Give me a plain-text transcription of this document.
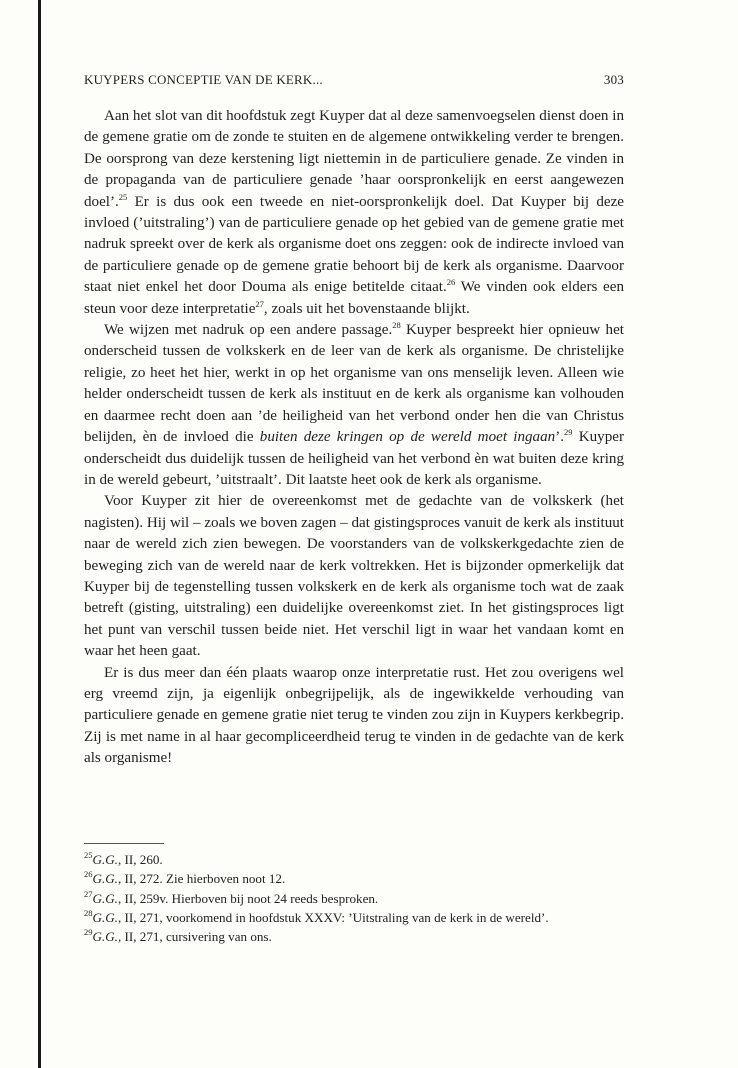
KUYPERS CONCEPTIE VAN DE KERK...	303

Aan het slot van dit hoofdstuk zegt Kuyper dat al deze samenvoegselen dienst doen in de gemene gratie om de zonde te stuiten en de algemene ontwikkeling verder te brengen. De oorsprong van deze kerstening ligt niettemin in de particuliere genade. Ze vinden in de propaganda van de particuliere genade ’haar oorspronkelijk en eerst aangewezen doel’.$^{25}$ Er is dus ook een tweede en niet-oorspronkelijk doel. Dat Kuyper bij deze invloed (’uitstraling’) van de particuliere genade op het gebied van de gemene gratie met nadruk spreekt over de kerk als organisme doet ons zeggen: ook de indirecte invloed van de particuliere genade op de gemene gratie behoort bij de kerk als organisme. Daarvoor staat niet enkel het door Douma als enige betitelde citaat.$^{26}$ We vinden ook elders een steun voor deze interpretatie$^{27}$, zoals uit het bovenstaande blijkt.

We wijzen met nadruk op een andere passage.$^{28}$ Kuyper bespreekt hier opnieuw het onderscheid tussen de volkskerk en de leer van de kerk als organisme. De christelijke religie, zo heet het hier, werkt in op het organisme van ons menselijk leven. Alleen wie helder onderscheidt tussen de kerk als instituut en de kerk als organisme kan volhouden en daarmee recht doen aan ’de heiligheid van het verbond onder hen die van Christus belijden, èn de invloed die buiten deze kringen op de wereld moet ingaan’.$^{29}$ Kuyper onderscheidt dus duidelijk tussen de heiligheid van het verbond èn wat buiten deze kring in de wereld gebeurt, ’uitstraalt’. Dit laatste heet ook de kerk als organisme.

Voor Kuyper zit hier de overeenkomst met de gedachte van de volkskerk (het nagisten). Hij wil – zoals we boven zagen – dat gistingsproces vanuit de kerk als instituut naar de wereld zich zien bewegen. De voorstanders van de volkskerkgedachte zien de beweging zich van de wereld naar de kerk voltrekken. Het is bijzonder opmerkelijk dat Kuyper bij de tegenstelling tussen volkskerk en de kerk als organisme toch wat de zaak betreft (gisting, uitstraling) een duidelijke overeenkomst ziet. In het gistingsproces ligt het punt van verschil tussen beide niet. Het verschil ligt in waar het vandaan komt en waar het heen gaat.

Er is dus meer dan één plaats waarop onze interpretatie rust. Het zou overigens wel erg vreemd zijn, ja eigenlijk onbegrijpelijk, als de ingewikkelde verhouding van particuliere genade en gemene gratie niet terug te vinden zou zijn in Kuypers kerkbegrip. Zij is met name in al haar gecompliceerdheid terug te vinden in de gedachte van de kerk als organisme!

$^{25}$G.G., II, 260.
$^{26}$G.G., II, 272. Zie hierboven noot 12.
$^{27}$G.G., II, 259v. Hierboven bij noot 24 reeds besproken.
$^{28}$G.G., II, 271, voorkomend in hoofdstuk XXXV: ’Uitstraling van de kerk in de wereld’.
$^{29}$G.G., II, 271, cursivering van ons.
